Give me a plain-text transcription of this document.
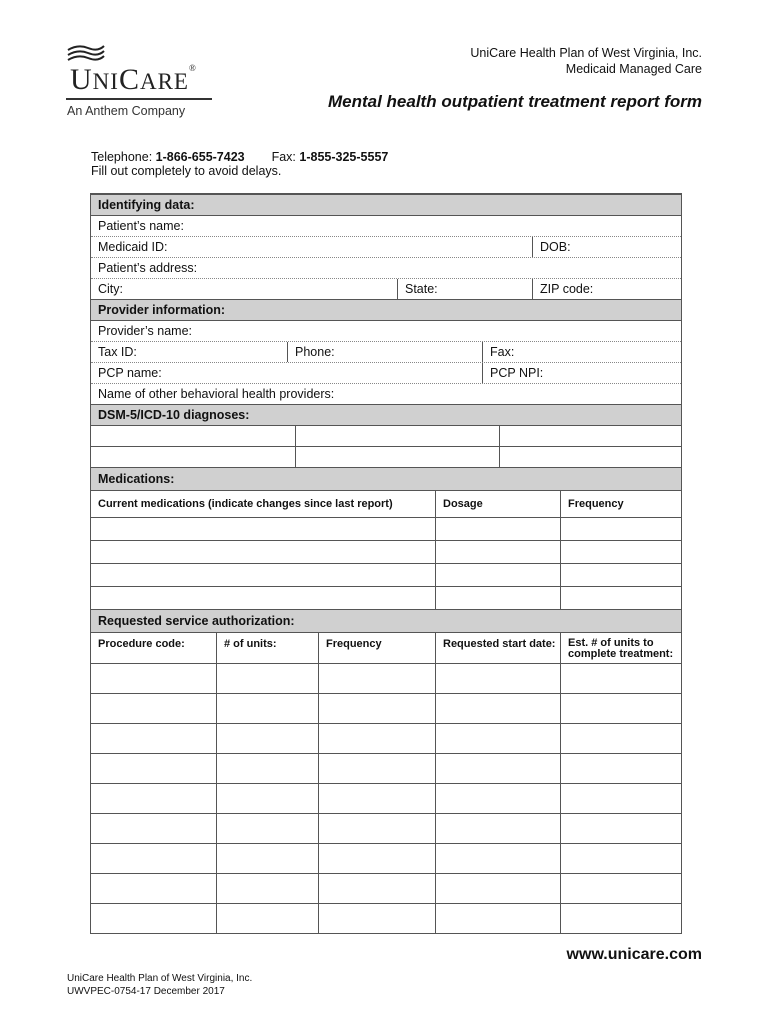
UNICARE®
An Anthem Company
UniCare Health Plan of West Virginia, Inc.
Medicaid Managed Care
Mental health outpatient treatment report form
Telephone: 1-866-655-7423 Fax: 1-855-325-5557
Fill out completely to avoid delays.
Identifying data:
Patient’s name:
Medicaid ID:	DOB:
Patient’s address:
City:	State:	ZIP code:
Provider information:
Provider’s name:
Tax ID:	Phone:	Fax:
PCP name:	PCP NPI:
Name of other behavioral health providers:
DSM-5/ICD-10 diagnoses:
Medications:
Current medications (indicate changes since last report)	Dosage	Frequency
Requested service authorization:
Procedure code:	# of units:	Frequency	Requested start date:	Est. # of units to complete treatment:
www.unicare.com
UniCare Health Plan of West Virginia, Inc.
UWVPEC-0754-17 December 2017
